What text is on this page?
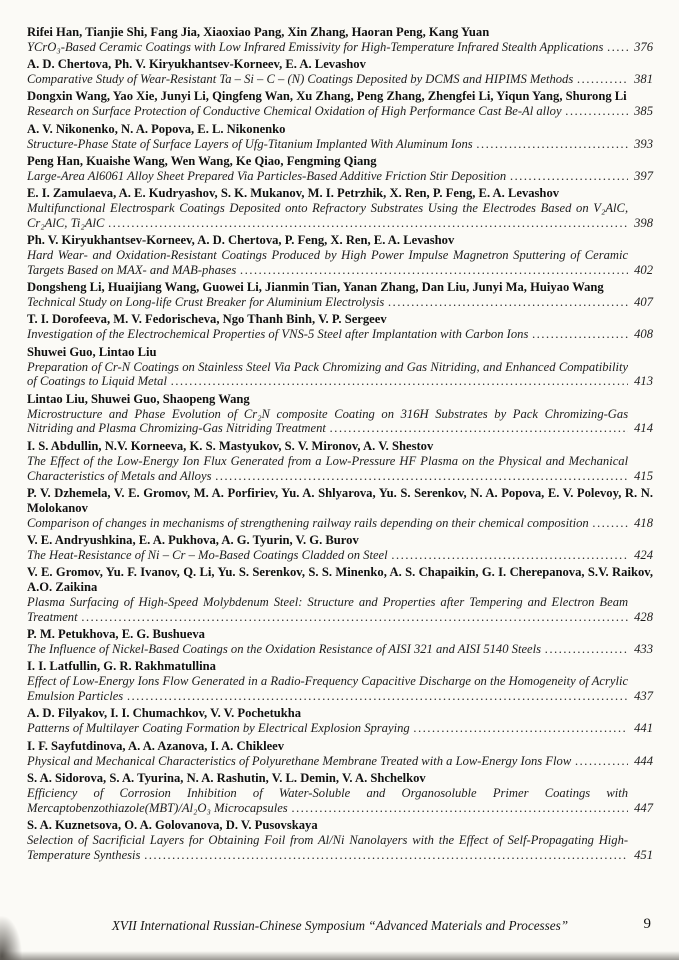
Rifei Han, Tianjie Shi, Fang Jia, Xiaoxiao Pang, Xin Zhang, Haoran Peng, Kang Yuan
YCrO₃-Based Ceramic Coatings with Low Infrared Emissivity for High-Temperature Infrared Stealth Applications .....	376
A. D. Chertova, Ph. V. Kiryukhantsev-Korneev, E. A. Levashov
Comparative Study of Wear-Resistant Ta – Si – C – (N) Coatings Deposited by DCMS and HIPIMS Methods .....	381
Dongxin Wang, Yao Xie, Junyi Li, Qingfeng Wan, Xu Zhang, Peng Zhang, Zhengfei Li, Yiqun Yang, Shurong Li
Research on Surface Protection of Conductive Chemical Oxidation of High Performance Cast Be-Al alloy .....	385
A. V. Nikonenko, N. A. Popova, E. L. Nikonenko
Structure-Phase State of Surface Layers of Ufg-Titanium Implanted With Aluminum Ions .....	393
Peng Han, Kuaishe Wang, Wen Wang, Ke Qiao, Fengming Qiang
Large-Area Al6061 Alloy Sheet Prepared Via Particles-Based Additive Friction Stir Deposition .....	397
E. I. Zamulaeva, A. E. Kudryashov, S. K. Mukanov, M. I. Petrzhik, X. Ren, P. Feng, E. A. Levashov
Multifunctional Electrospark Coatings Deposited onto Refractory Substrates Using the Electrodes Based on V₂AlC, Cr₂AlC, Ti₂AlC .....	398
Ph. V. Kiryukhantsev-Korneev, A. D. Chertova, P. Feng, X. Ren, E. A. Levashov
Hard Wear- and Oxidation-Resistant Coatings Produced by High Power Impulse Magnetron Sputtering of Ceramic Targets Based on MAX- and MAB-phases .....	402
Dongsheng Li, Huaijiang Wang, Guowei Li, Jianmin Tian, Yanan Zhang, Dan Liu, Junyi Ma, Huiyao Wang
Technical Study on Long-life Crust Breaker for Aluminium Electrolysis .....	407
T. I. Dorofeeva, M. V. Fedorischeva, Ngo Thanh Binh, V. P. Sergeev
Investigation of the Electrochemical Properties of VNS-5 Steel after Implantation with Carbon Ions .....	408
Shuwei Guo, Lintao Liu
Preparation of Cr-N Coatings on Stainless Steel Via Pack Chromizing and Gas Nitriding, and Enhanced Compatibility of Coatings to Liquid Metal .....	413
Lintao Liu, Shuwei Guo, Shaopeng Wang
Microstructure and Phase Evolution of Cr₂N composite Coating on 316H Substrates by Pack Chromizing-Gas Nitriding and Plasma Chromizing-Gas Nitriding Treatment .....	414
I. S. Abdullin, N.V. Korneeva, K. S. Mastyukov, S. V. Mironov, A. V. Shestov
The Effect of the Low-Energy Ion Flux Generated from a Low-Pressure HF Plasma on the Physical and Mechanical Characteristics of Metals and Alloys .....	415
P. V. Dzhemela, V. E. Gromov, M. A. Porfiriev, Yu. A. Shlyarova, Yu. S. Serenkov, N. A. Popova, E. V. Polevoy, R. N. Molokanov
Comparison of changes in mechanisms of strengthening railway rails depending on their chemical composition .....	418
V. E. Andryushkina, E. A. Pukhova, A. G. Tyurin, V. G. Burov
The Heat-Resistance of Ni – Cr – Mo-Based Coatings Cladded on Steel .....	424
V. E. Gromov, Yu. F. Ivanov, Q. Li, Yu. S. Serenkov, S. S. Minenko, A. S. Chapaikin, G. I. Cherepanova, S.V. Raikov, A.O. Zaikina
Plasma Surfacing of High-Speed Molybdenum Steel: Structure and Properties after Tempering and Electron Beam Treatment .....	428
P. M. Petukhova, E. G. Bushueva
The Influence of Nickel-Based Coatings on the Oxidation Resistance of AISI 321 and AISI 5140 Steels .....	433
I. I. Latfullin, G. R. Rakhmatullina
Effect of Low-Energy Ions Flow Generated in a Radio-Frequency Capacitive Discharge on the Homogeneity of Acrylic Emulsion Particles .....	437
A. D. Filyakov, I. I. Chumachkov, V. V. Pochetukha
Patterns of Multilayer Coating Formation by Electrical Explosion Spraying .....	441
I. F. Sayfutdinova, A. A. Azanova, I. A. Chikleev
Physical and Mechanical Characteristics of Polyurethane Membrane Treated with a Low-Energy Ions Flow .....	444
S. A. Sidorova, S. A. Tyurina, N. A. Rashutin, V. L. Demin, V. A. Shchelkov
Efficiency of Corrosion Inhibition of Water-Soluble and Organosoluble Primer Coatings with Mercaptobenzothiazole(MBT)/Al₂O₃ Microcapsules .....	447
S. A. Kuznetsova, O. A. Golovanova, D. V. Pusovskaya
Selection of Sacrificial Layers for Obtaining Foil from Al/Ni Nanolayers with the Effect of Self-Propagating High-Temperature Synthesis .....	451
XVII International Russian-Chinese Symposium “Advanced Materials and Processes”	9
